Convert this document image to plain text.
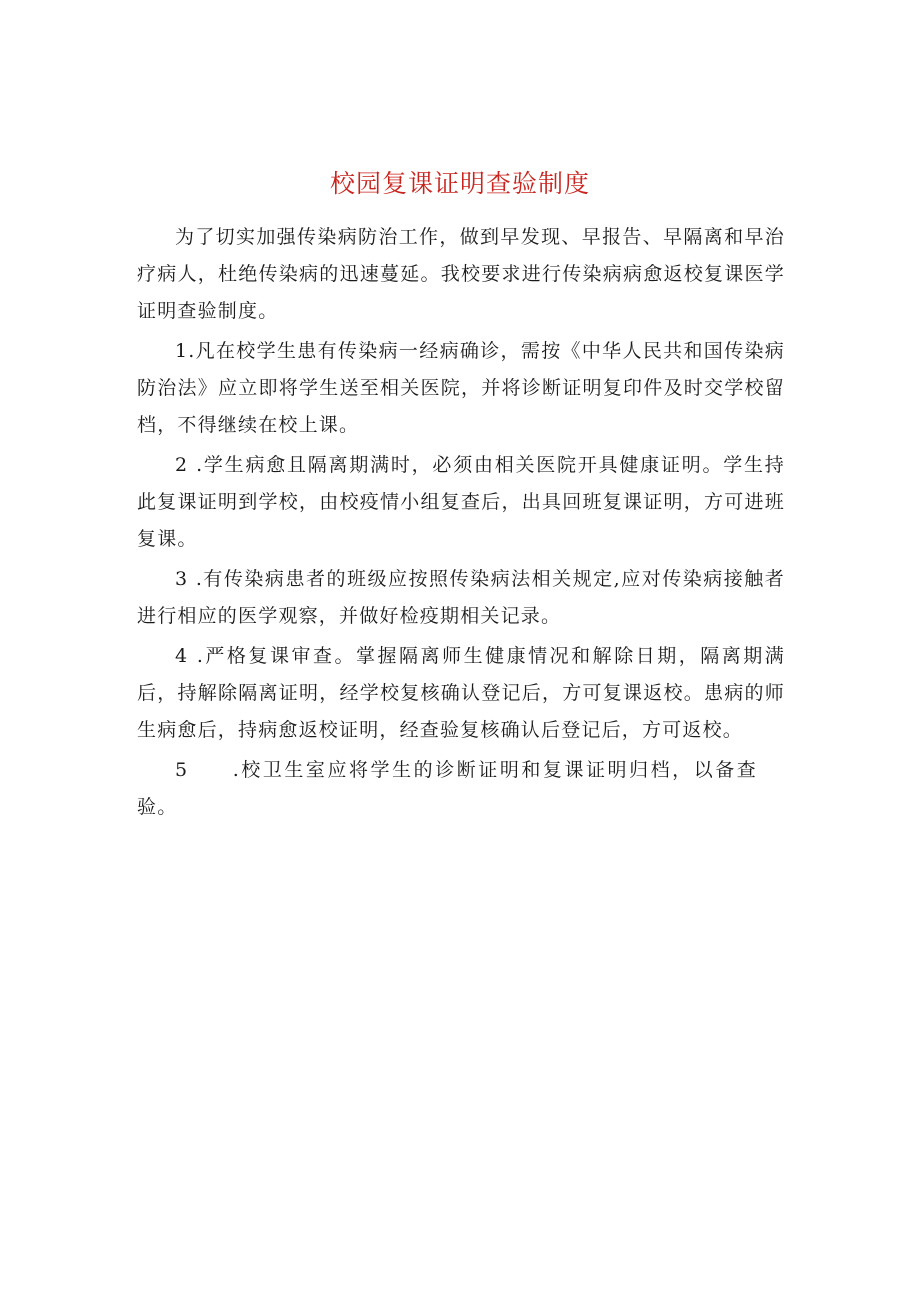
校园复课证明查验制度

为了切实加强传染病防治工作，做到早发现、早报告、早隔离和早治疗病人，杜绝传染病的迅速蔓延。我校要求进行传染病病愈返校复课医学证明查验制度。

1.凡在校学生患有传染病一经病确诊，需按《中华人民共和国传染病防治法》应立即将学生送至相关医院，并将诊断证明复印件及时交学校留档，不得继续在校上课。

2 .学生病愈且隔离期满时，必须由相关医院开具健康证明。学生持此复课证明到学校，由校疫情小组复查后，出具回班复课证明，方可进班复课。

3 .有传染病患者的班级应按照传染病法相关规定,应对传染病接触者进行相应的医学观察，并做好检疫期相关记录。

4 .严格复课审查。掌握隔离师生健康情况和解除日期，隔离期满后，持解除隔离证明，经学校复核确认登记后，方可复课返校。患病的师生病愈后，持病愈返校证明，经查验复核确认后登记后，方可返校。

5　　.校卫生室应将学生的诊断证明和复课证明归档，以备查验。
